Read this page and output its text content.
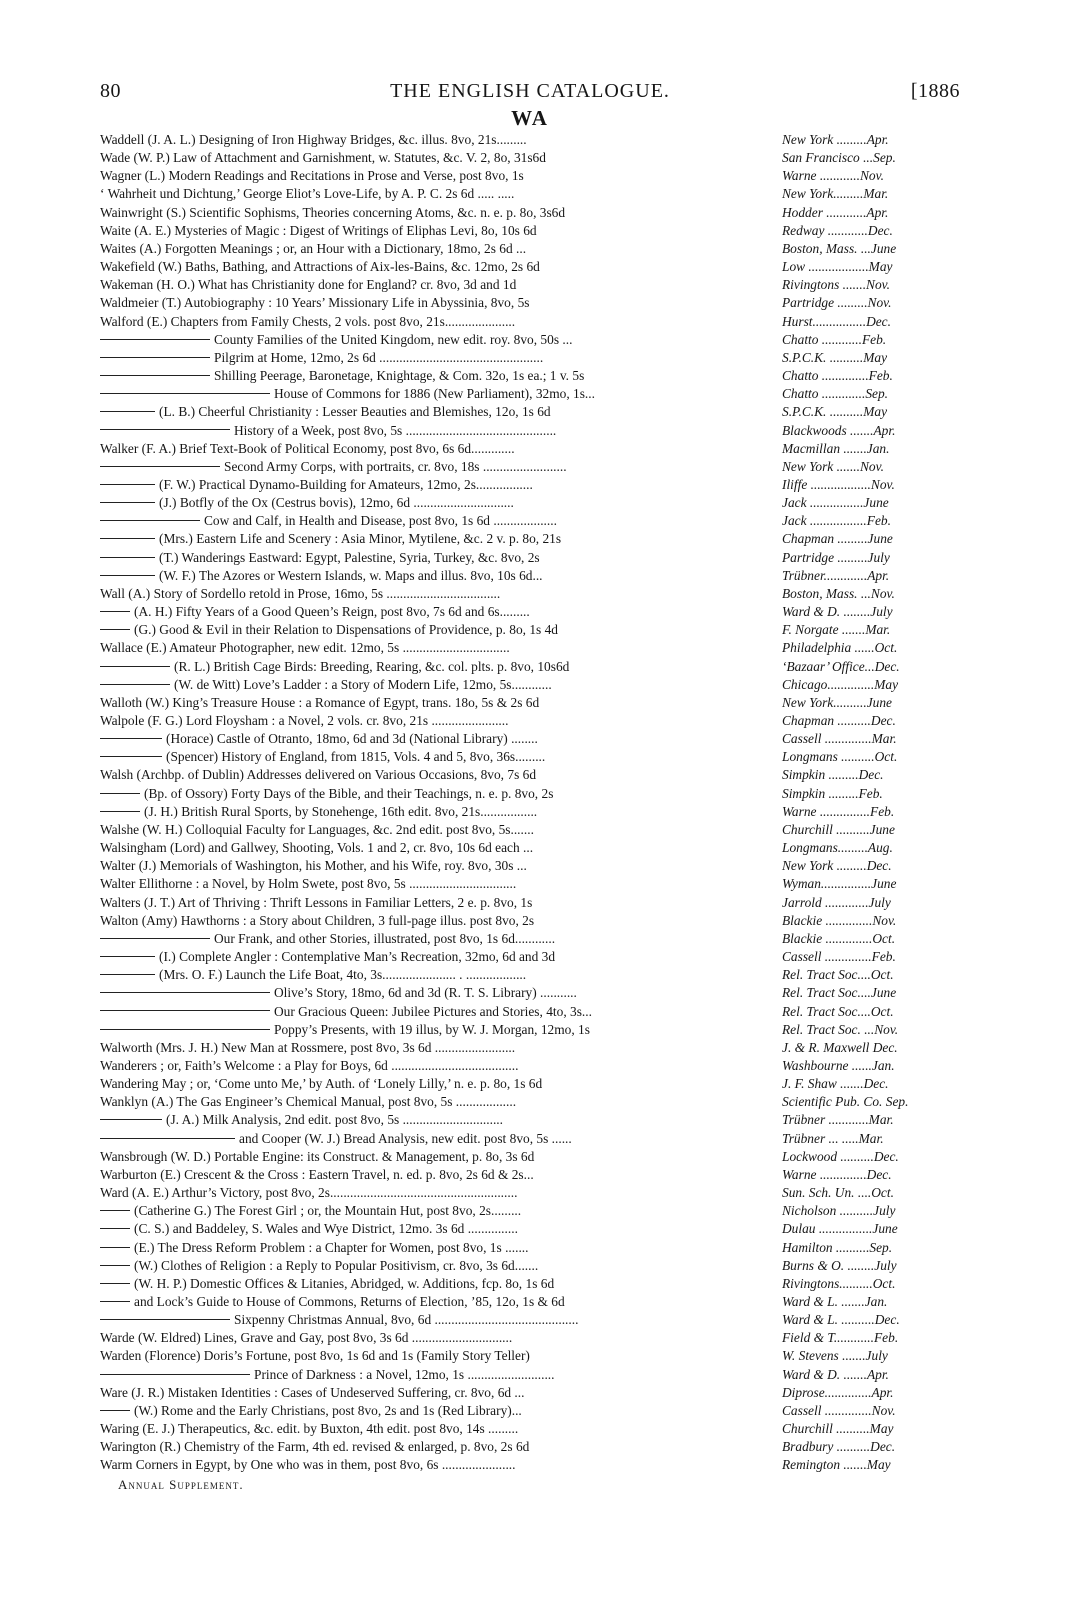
80	THE ENGLISH CATALOGUE.	[1886
WA
Waddell (J. A. L.) Designing of Iron Highway Bridges, &c. illus. 8vo, 21s.........	New York .........Apr.
Wade (W. P.) Law of Attachment and Garnishment, w. Statutes, &c. V. 2, 8o, 31s6d	San Francisco ...Sep.
Wagner (L.) Modern Readings and Recitations in Prose and Verse, post 8vo, 1s	Warne ............Nov.
‘ Wahrheit und Dichtung,’ George Eliot’s Love-Life, by A. P. C. 2s 6d ..... .....	New York.........Mar.
Wainwright (S.) Scientific Sophisms, Theories concerning Atoms, &c. n. e. p. 8o, 3s6d	Hodder ............Apr.
Waite (A. E.) Mysteries of Magic : Digest of Writings of Eliphas Levi, 8o, 10s 6d	Redway ............Dec.
Waites (A.) Forgotten Meanings ; or, an Hour with a Dictionary, 18mo, 2s 6d ...	Boston, Mass. ...June
Wakefield (W.) Baths, Bathing, and Attractions of Aix-les-Bains, &c. 12mo, 2s 6d	Low ..................May
Wakeman (H. O.) What has Christianity done for England? cr. 8vo, 3d and 1d	Rivingtons .......Nov.
Waldmeier (T.) Autobiography : 10 Years’ Missionary Life in Abyssinia, 8vo, 5s	Partridge .........Nov.
Walford (E.) Chapters from Family Chests, 2 vols. post 8vo, 21s.....................	Hurst................Dec.
County Families of the United Kingdom, new edit. roy. 8vo, 50s ...	Chatto ............Feb.
Pilgrim at Home, 12mo, 2s 6d .................................................	S.P.C.K. ..........May
Shilling Peerage, Baronetage, Knightage, & Com. 32o, 1s ea.; 1 v. 5s	Chatto ..............Feb.
House of Commons for 1886 (New Parliament), 32mo, 1s...	Chatto .............Sep.
(L. B.) Cheerful Christianity : Lesser Beauties and Blemishes, 12o, 1s 6d	S.P.C.K. ..........May
History of a Week, post 8vo, 5s .............................................	Blackwoods .......Apr.
Walker (F. A.) Brief Text-Book of Political Economy, post 8vo, 6s 6d.............	Macmillan .......Jan.
Second Army Corps, with portraits, cr. 8vo, 18s .........................	New York .......Nov.
(F. W.) Practical Dynamo-Building for Amateurs, 12mo, 2s.................	Iliffe ..................Nov.
(J.) Botfly of the Ox (Cestrus bovis), 12mo, 6d ..............................	Jack ................June
Cow and Calf, in Health and Disease, post 8vo, 1s 6d ...................	Jack .................Feb.
(Mrs.) Eastern Life and Scenery : Asia Minor, Mytilene, &c. 2 v. p. 8o, 21s	Chapman .........June
(T.) Wanderings Eastward: Egypt, Palestine, Syria, Turkey, &c. 8vo, 2s	Partridge .........July
(W. F.) The Azores or Western Islands, w. Maps and illus. 8vo, 10s 6d...	Trübner.............Apr.
Wall (A.) Story of Sordello retold in Prose, 16mo, 5s ..................................	Boston, Mass. ...Nov.
(A. H.) Fifty Years of a Good Queen’s Reign, post 8vo, 7s 6d and 6s.........	Ward & D. ........July
(G.) Good & Evil in their Relation to Dispensations of Providence, p. 8o, 1s 4d	F. Norgate .......Mar.
Wallace (E.) Amateur Photographer, new edit. 12mo, 5s ................................	Philadelphia ......Oct.
(R. L.) British Cage Birds: Breeding, Rearing, &c. col. plts. p. 8vo, 10s6d	‘Bazaar’ Office...Dec.
(W. de Witt) Love’s Ladder : a Story of Modern Life, 12mo, 5s............	Chicago..............May
Walloth (W.) King’s Treasure House : a Romance of Egypt, trans. 18o, 5s & 2s 6d	New York..........June
Walpole (F. G.) Lord Floysham : a Novel, 2 vols. cr. 8vo, 21s .......................	Chapman ..........Dec.
(Horace) Castle of Otranto, 18mo, 6d and 3d (National Library) ........	Cassell ..............Mar.
(Spencer) History of England, from 1815, Vols. 4 and 5, 8vo, 36s.........	Longmans ..........Oct.
Walsh (Archbp. of Dublin) Addresses delivered on Various Occasions, 8vo, 7s 6d	Simpkin .........Dec.
(Bp. of Ossory) Forty Days of the Bible, and their Teachings, n. e. p. 8vo, 2s	Simpkin .........Feb.
(J. H.) British Rural Sports, by Stonehenge, 16th edit. 8vo, 21s.................	Warne ...............Feb.
Walshe (W. H.) Colloquial Faculty for Languages, &c. 2nd edit. post 8vo, 5s.......	Churchill ..........June
Walsingham (Lord) and Gallwey, Shooting, Vols. 1 and 2, cr. 8vo, 10s 6d each ...	Longmans.........Aug.
Walter (J.) Memorials of Washington, his Mother, and his Wife, roy. 8vo, 30s ...	New York .........Dec.
Walter Ellithorne : a Novel, by Holm Swete, post 8vo, 5s ................................	Wyman...............June
Walters (J. T.) Art of Thriving : Thrift Lessons in Familiar Letters, 2 e. p. 8vo, 1s	Jarrold .............July
Walton (Amy) Hawthorns : a Story about Children, 3 full-page illus. post 8vo, 2s	Blackie ..............Nov.
Our Frank, and other Stories, illustrated, post 8vo, 1s 6d............	Blackie ..............Oct.
(I.) Complete Angler : Contemplative Man’s Recreation, 32mo, 6d and 3d	Cassell ..............Feb.
(Mrs. O. F.) Launch the Life Boat, 4to, 3s...................... . ..................	Rel. Tract Soc....Oct.
Olive’s Story, 18mo, 6d and 3d (R. T. S. Library) ...........	Rel. Tract Soc....June
Our Gracious Queen: Jubilee Pictures and Stories, 4to, 3s...	Rel. Tract Soc....Oct.
Poppy’s Presents, with 19 illus, by W. J. Morgan, 12mo, 1s	Rel. Tract Soc. ...Nov.
Walworth (Mrs. J. H.) New Man at Rossmere, post 8vo, 3s 6d ........................	J. & R. Maxwell Dec.
Wanderers ; or, Faith’s Welcome : a Play for Boys, 6d ......................................	Washbourne ......Jan.
Wandering May ; or, ‘Come unto Me,’ by Auth. of ‘Lonely Lilly,’ n. e. p. 8o, 1s 6d	J. F. Shaw .......Dec.
Wanklyn (A.) The Gas Engineer’s Chemical Manual, post 8vo, 5s ..................	Scientific Pub. Co. Sep.
(J. A.) Milk Analysis, 2nd edit. post 8vo, 5s ..............................	Trübner ............Mar.
and Cooper (W. J.) Bread Analysis, new edit. post 8vo, 5s ......	Trübner ... .....Mar.
Wansbrough (W. D.) Portable Engine: its Construct. & Management, p. 8o, 3s 6d	Lockwood ..........Dec.
Warburton (E.) Crescent & the Cross : Eastern Travel, n. ed. p. 8vo, 2s 6d & 2s...	Warne ..............Dec.
Ward (A. E.) Arthur’s Victory, post 8vo, 2s........................................................	Sun. Sch. Un. ....Oct.
(Catherine G.) The Forest Girl ; or, the Mountain Hut, post 8vo, 2s.........	Nicholson ..........July
(C. S.) and Baddeley, S. Wales and Wye District, 12mo. 3s 6d ...............	Dulau ................June
(E.) The Dress Reform Problem : a Chapter for Women, post 8vo, 1s .......	Hamilton ..........Sep.
(W.) Clothes of Religion : a Reply to Popular Positivism, cr. 8vo, 3s 6d.......	Burns & O. ........July
(W. H. P.) Domestic Offices & Litanies, Abridged, w. Additions, fcp. 8o, 1s 6d	Rivingtons..........Oct.
and Lock’s Guide to House of Commons, Returns of Election, ’85, 12o, 1s & 6d	Ward & L. .......Jan.
Sixpenny Christmas Annual, 8vo, 6d ...........................................	Ward & L. ..........Dec.
Warde (W. Eldred) Lines, Grave and Gay, post 8vo, 3s 6d ..............................	Field & T............Feb.
Warden (Florence) Doris’s Fortune, post 8vo, 1s 6d and 1s (Family Story Teller)	W. Stevens .......July
Prince of Darkness : a Novel, 12mo, 1s ..........................	Ward & D. .......Apr.
Ware (J. R.) Mistaken Identities : Cases of Undeserved Suffering, cr. 8vo, 6d ...	Diprose..............Apr.
(W.) Rome and the Early Christians, post 8vo, 2s and 1s (Red Library)...	Cassell ..............Nov.
Waring (E. J.) Therapeutics, &c. edit. by Buxton, 4th edit. post 8vo, 14s .........	Churchill ..........May
Warington (R.) Chemistry of the Farm, 4th ed. revised & enlarged, p. 8vo, 2s 6d	Bradbury ..........Dec.
Warm Corners in Egypt, by One who was in them, post 8vo, 6s ......................	Remington .......May
Annual Supplement.
